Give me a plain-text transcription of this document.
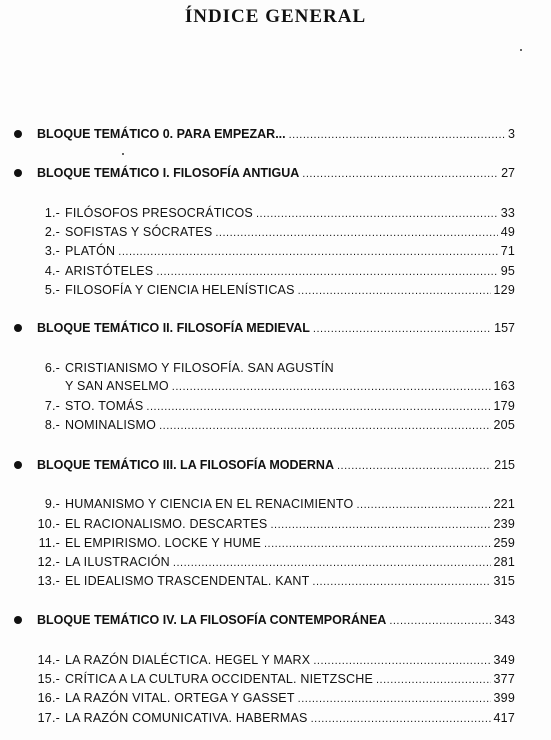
ÍNDICE GENERAL
BLOQUE TEMÁTICO 0. PARA EMPEZAR... .....	3
BLOQUE TEMÁTICO I. FILOSOFÍA ANTIGUA .....	27
1.- FILÓSOFOS PRESOCRÁTICOS .....	33
2.- SOFISTAS Y SÓCRATES .....	49
3.- PLATÓN .....	71
4.- ARISTÓTELES .....	95
5.- FILOSOFÍA Y CIENCIA HELENÍSTICAS .....	129
BLOQUE TEMÁTICO II. FILOSOFÍA MEDIEVAL .....	157
6.- CRISTIANISMO Y FILOSOFÍA. SAN AGUSTÍN
Y SAN ANSELMO .....	163
7.- STO. TOMÁS .....	179
8.- NOMINALISMO .....	205
BLOQUE TEMÁTICO III. LA FILOSOFÍA MODERNA .....	215
9.- HUMANISMO Y CIENCIA EN EL RENACIMIENTO .....	221
10.- EL RACIONALISMO. DESCARTES .....	239
11.- EL EMPIRISMO. LOCKE Y HUME .....	259
12.- LA ILUSTRACIÓN .....	281
13.- EL IDEALISMO TRASCENDENTAL. KANT .....	315
BLOQUE TEMÁTICO IV. LA FILOSOFÍA CONTEMPORÁNEA .....	343
14.- LA RAZÓN DIALÉCTICA. HEGEL Y MARX .....	349
15.- CRÍTICA A LA CULTURA OCCIDENTAL. NIETZSCHE .....	377
16.- LA RAZÓN VITAL. ORTEGA Y GASSET .....	399
17.- LA RAZÓN COMUNICATIVA. HABERMAS .....	417
